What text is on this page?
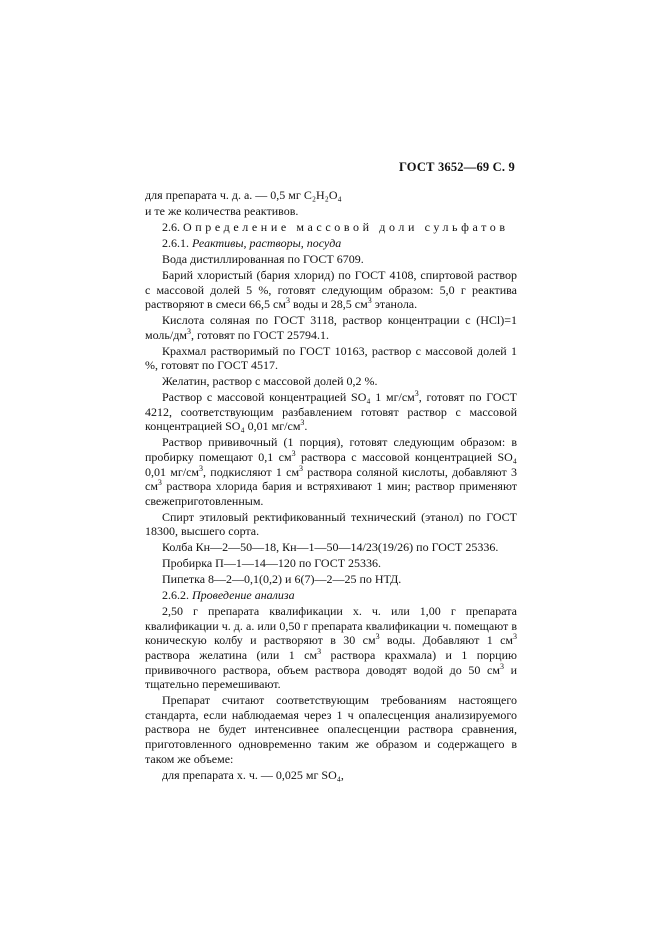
ГОСТ 3652—69 С. 9

для препарата ч. д. а. — 0,5 мг C₂H₂O₄

и те же количества реактивов.

2.6. Определение массовой доли сульфатов

2.6.1. Реактивы, растворы, посуда

Вода дистиллированная по ГОСТ 6709.

Барий хлористый (бария хлорид) по ГОСТ 4108, спиртовой раствор с массовой долей 5 %, готовят следующим образом: 5,0 г реактива растворяют в смеси 66,5 $см^3$ воды и 28,5 $см^3$ этанола.

Кислота соляная по ГОСТ 3118, раствор концентрации с (HCl)=1 моль/$дм^3$, готовят по ГОСТ 25794.1.

Крахмал растворимый по ГОСТ 10163, раствор с массовой долей 1 %, готовят по ГОСТ 4517.

Желатин, раствор с массовой долей 0,2 %.

Раствор с массовой концентрацией SO₄ 1 $мг/см^3$, готовят по ГОСТ 4212, соответствующим разбавлением готовят раствор с массовой концентрацией SO₄ 0,01 $мг/см^3$.

Раствор прививочный (1 порция), готовят следующим образом: в пробирку помещают 0,1 $см^3$ раствора с массовой концентрацией SO₄ 0,01 $мг/см^3$, подкисляют 1 $см^3$ раствора соляной кислоты, добавляют 3 $см^3$ раствора хлорида бария и встряхивают 1 мин; раствор применяют свежеприготовленным.

Спирт этиловый ректификованный технический (этанол) по ГОСТ 18300, высшего сорта.

Колба Кн—2—50—18, Кн—1—50—14/23(19/26) по ГОСТ 25336.

Пробирка П—1—14—120 по ГОСТ 25336.

Пипетка 8—2—0,1(0,2) и 6(7)—2—25 по НТД.

2.6.2. Проведение анализа

2,50 г препарата квалификации х. ч. или 1,00 г препарата квалификации ч. д. а. или 0,50 г препарата квалификации ч. помещают в коническую колбу и растворяют в 30 $см^3$ воды. Добавляют 1 $см^3$ раствора желатина (или 1 $см^3$ раствора крахмала) и 1 порцию прививочного раствора, объем раствора доводят водой до 50 $см^3$ и тщательно перемешивают.

Препарат считают соответствующим требованиям настоящего стандарта, если наблюдаемая через 1 ч опалесценция анализируемого раствора не будет интенсивнее опалесценции раствора сравнения, приготовленного одновременно таким же образом и содержащего в таком же объеме:

для препарата х. ч. — 0,025 мг SO₄,
